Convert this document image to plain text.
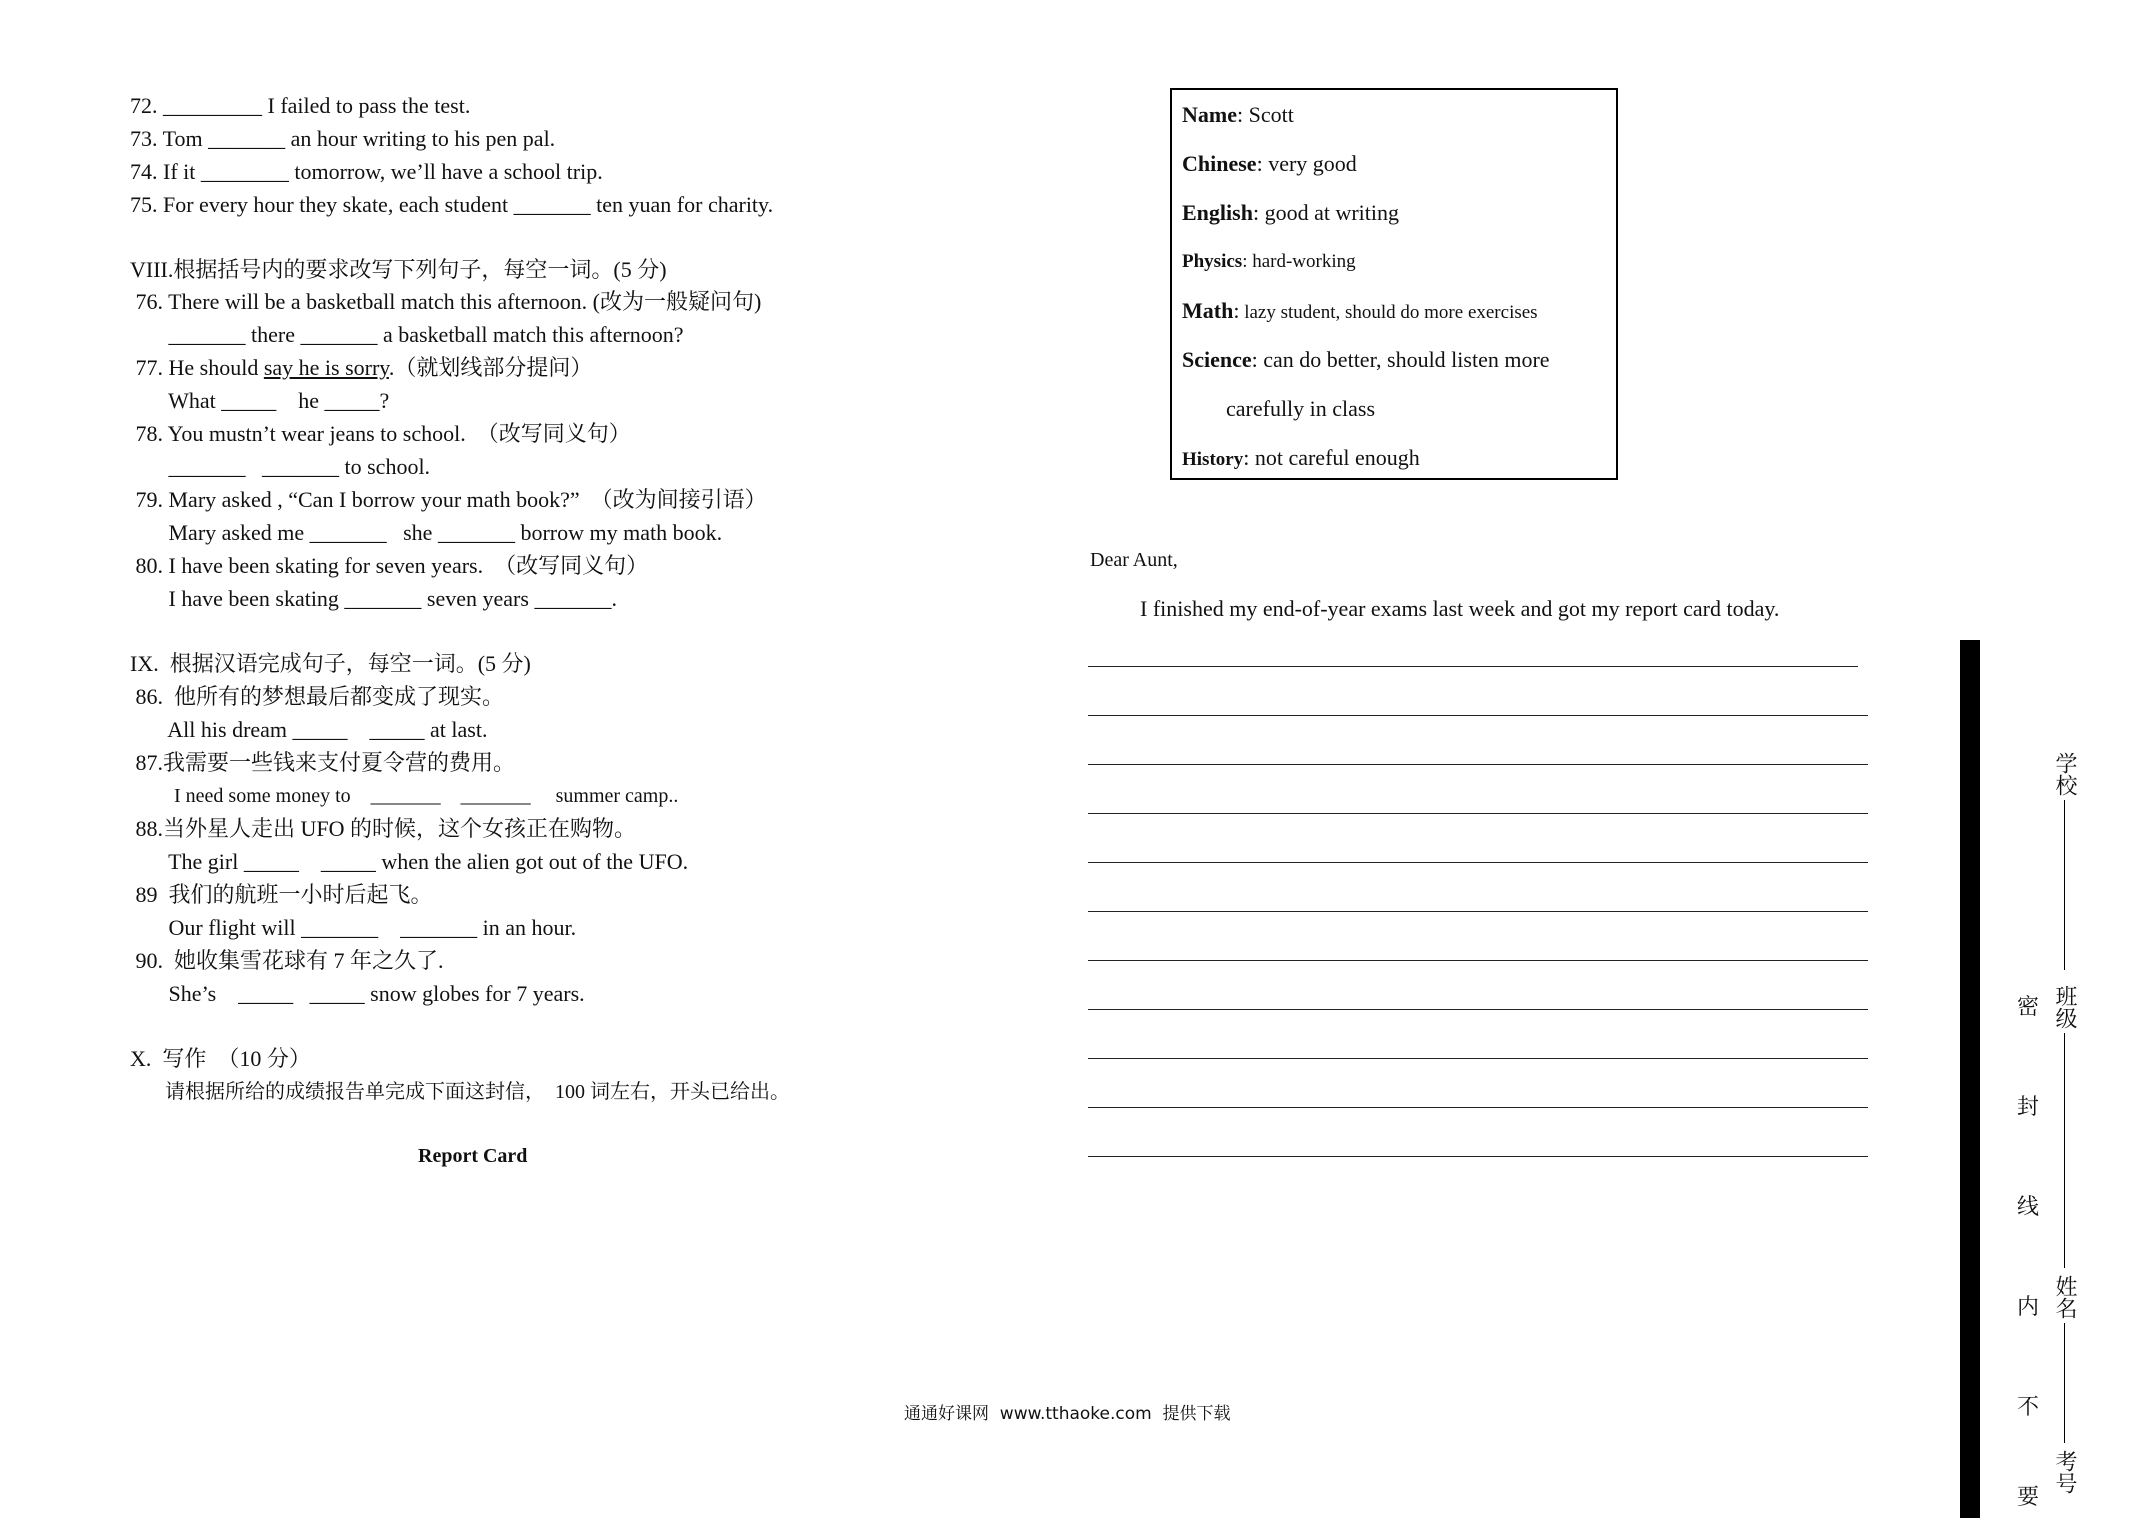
72. _________ I failed to pass the test.
73. Tom _______ an hour writing to his pen pal.
74. If it ________ tomorrow, we’ll have a school trip.
75. For every hour they skate, each student _______ ten yuan for charity.
VIII.根据括号内的要求改写下列句子，每空一词。(5 分)
76. There will be a basketball match this afternoon. (改为一般疑问句)
_______ there _______ a basketball match this afternoon?
77. He should say he is sorry.（就划线部分提问）
What _____    he _____?
78. You mustn’t wear jeans to school.  （改写同义句）
_______   _______ to school.
79. Mary asked , “Can I borrow your math book?”  （改为间接引语）
Mary asked me _______   she _______ borrow my math book.
80. I have been skating for seven years.  （改写同义句）
I have been skating _______ seven years _______.
IX.  根据汉语完成句子，每空一词。(5 分)
86.  他所有的梦想最后都变成了现实。
All his dream _____    _____ at last.
87.我需要一些钱来支付夏令营的费用。
I need some money to    _______    _______     summer camp..
88.当外星人走出 UFO 的时候，这个女孩正在购物。
The girl _____    _____ when the alien got out of the UFO.
89  我们的航班一小时后起飞。
Our flight will _______    _______ in an hour.
90.  她收集雪花球有 7 年之久了.
She’s    _____   _____ snow globes for 7 years.
X.  写作  （10 分）
请根据所给的成绩报告单完成下面这封信，  100 词左右，开头已给出。
Report Card
Name: Scott
Chinese: very good
English: good at writing
Physics: hard-working
Math: lazy student, should do more exercises
Science: can do better, should listen more
carefully in class
History: not careful enough
Dear Aunt,
I finished my end-of-year exams last week and got my report card today.
通通好课网  www.tthaoke.com  提供下载
学校
班级
姓名
考号
密
封
线
内
不
要
